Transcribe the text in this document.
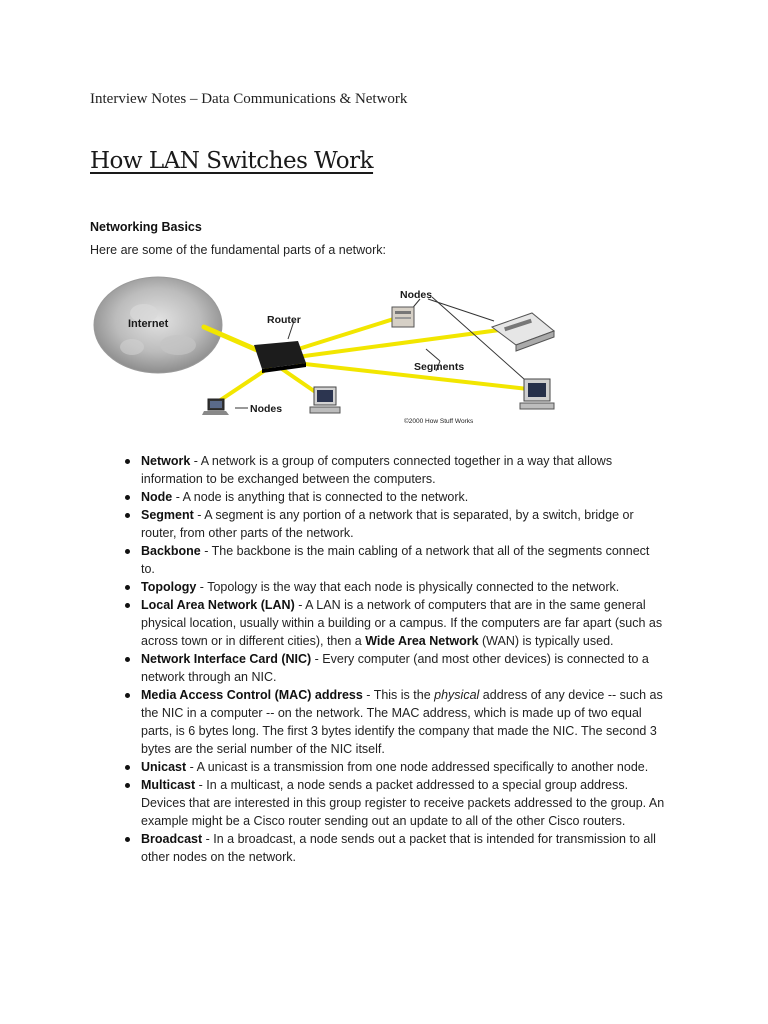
Interview Notes – Data Communications & Network
How LAN Switches Work
Networking Basics
Here are some of the fundamental parts of a network:
Internet	Router
Nodes
Segments
Nodes
©2000 How Stuff Works
Network - A network is a group of computers connected together in a way that allows information to be exchanged between the computers.
Node - A node is anything that is connected to the network.
Segment - A segment is any portion of a network that is separated, by a switch, bridge or router, from other parts of the network.
Backbone - The backbone is the main cabling of a network that all of the segments connect to.
Topology - Topology is the way that each node is physically connected to the network.
Local Area Network (LAN) - A LAN is a network of computers that are in the same general physical location, usually within a building or a campus. If the computers are far apart (such as across town or in different cities), then a Wide Area Network (WAN) is typically used.
Network Interface Card (NIC) - Every computer (and most other devices) is connected to a network through an NIC.
Media Access Control (MAC) address - This is the physical address of any device -- such as the NIC in a computer -- on the network. The MAC address, which is made up of two equal parts, is 6 bytes long. The first 3 bytes identify the company that made the NIC. The second 3 bytes are the serial number of the NIC itself.
Unicast - A unicast is a transmission from one node addressed specifically to another node.
Multicast - In a multicast, a node sends a packet addressed to a special group address. Devices that are interested in this group register to receive packets addressed to the group. An example might be a Cisco router sending out an update to all of the other Cisco routers.
Broadcast - In a broadcast, a node sends out a packet that is intended for transmission to all other nodes on the network.
